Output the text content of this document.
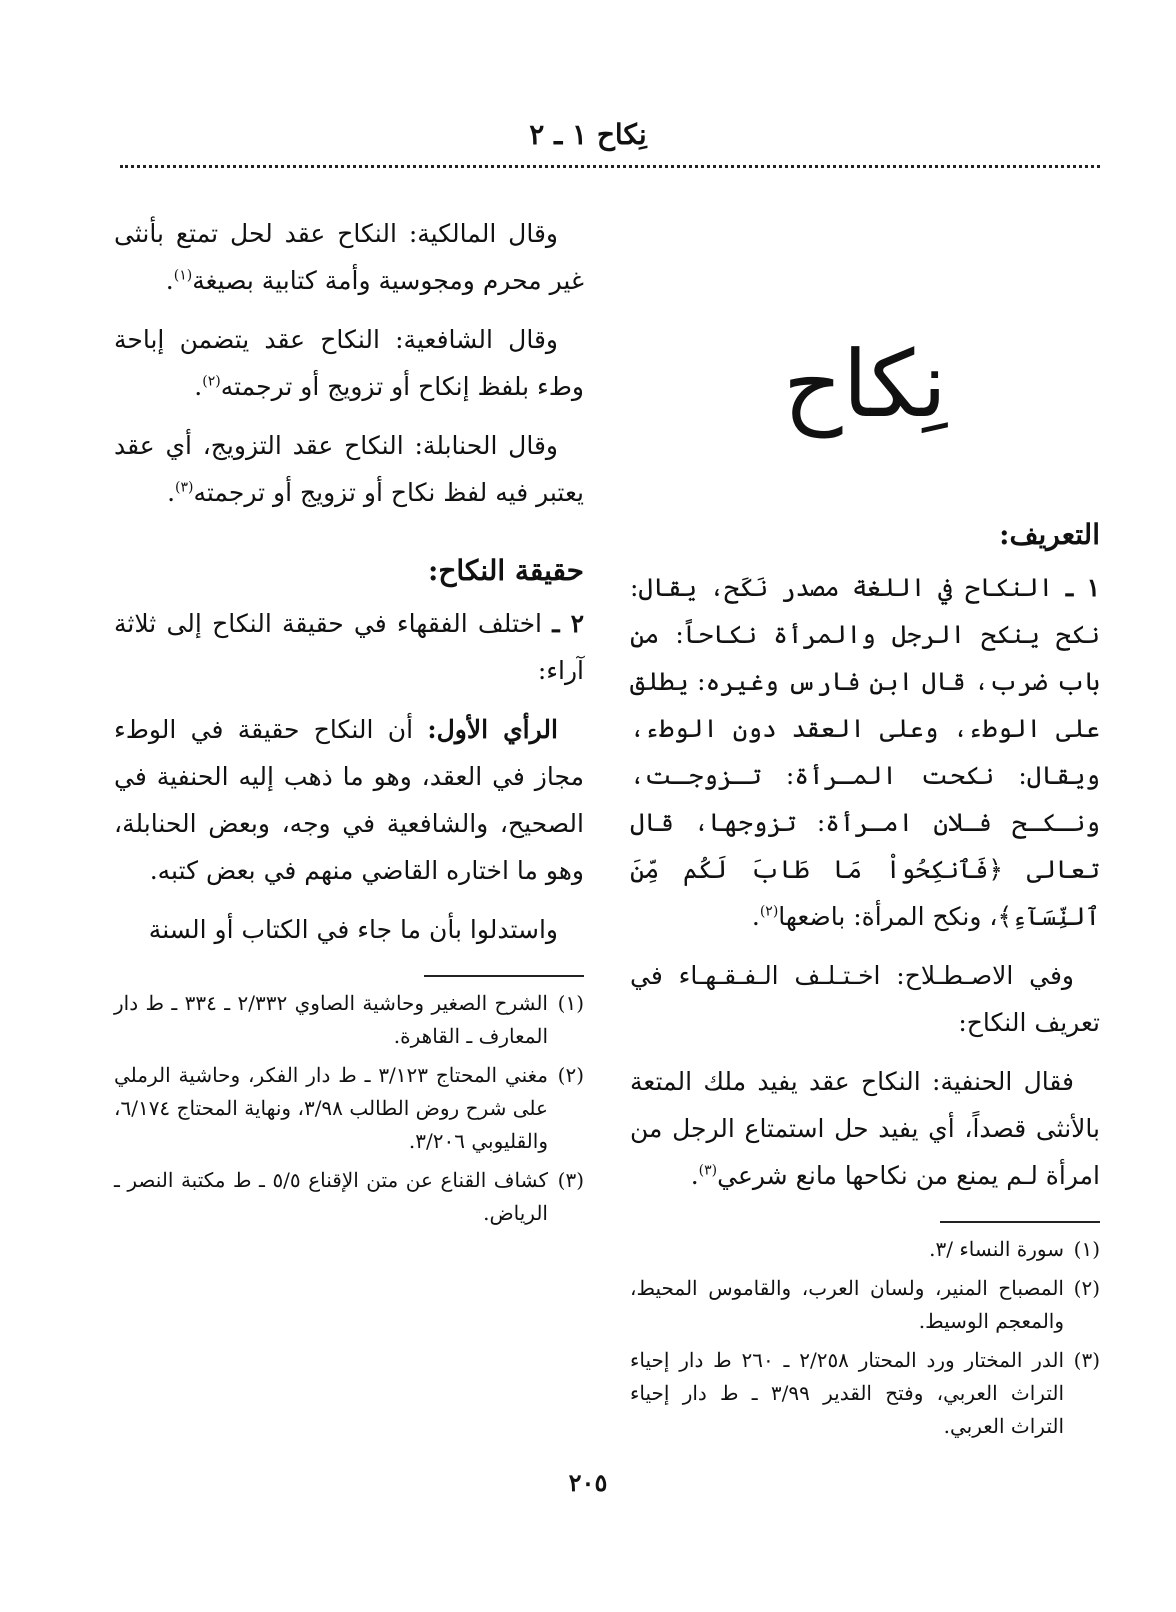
نِكاح ١ ـ ٢
نِكاح
التعريف:

١ ـ النكاح في اللغة مصدر نَكَح، يقال: نكح ينكح الرجل والمرأة نكاحاً: من باب ضرب، قال ابن فارس وغيره: يطلق على الوطء، وعلى العقد دون الوطء، ويقال: نكحت المـرأة: تـزوجـت، ونـكـح فـلان امـرأة: تزوجها، قال تعالى ﴿فَٱنكِحُواْ مَا طَابَ لَكُم مِّنَ ٱلنِّسَآءِ﴾، ونكح المرأة: باضعها$^{(٢)}$.

وفي الاصـطـلاح: اخـتـلـف الـفـقـهـاء في تعريف النكاح:

فقال الحنفية: النكاح عقد يفيد ملك المتعة بالأنثى قصداً، أي يفيد حل استمتاع الرجل من امرأة لـم يمنع من نكاحها مانع شرعي$^{(٣)}$.

(١)سورة النساء /٣.
(٢)المصباح المنير، ولسان العرب، والقاموس المحيط، والمعجم الوسيط.
(٣)الدر المختار ورد المحتار ٢/٢٥٨ ـ ٢٦٠ ط دار إحياء التراث العربي، وفتح القدير ٣/٩٩ ـ ط دار إحياء التراث العربي.

وقال المالكية: النكاح عقد لحل تمتع بأنثى غير محرم ومجوسية وأمة كتابية بصيغة$^{(١)}$.

وقال الشافعية: النكاح عقد يتضمن إباحة وطء بلفظ إنكاح أو تزويج أو ترجمته$^{(٢)}$.

وقال الحنابلة: النكاح عقد التزويج، أي عقد يعتبر فيه لفظ نكاح أو تزويج أو ترجمته$^{(٣)}$.

حقيقة النكاح:

٢ ـ اختلف الفقهاء في حقيقة النكاح إلى ثلاثة آراء:

الرأي الأول: أن النكاح حقيقة في الوطء مجاز في العقد، وهو ما ذهب إليه الحنفية في الصحيح، والشافعية في وجه، وبعض الحنابلة، وهو ما اختاره القاضي منهم في بعض كتبه.

واستدلوا بأن ما جاء في الكتاب أو السنة

(١)الشرح الصغير وحاشية الصاوي ٢/٣٣٢ ـ ٣٣٤ ـ ط دار المعارف ـ القاهرة.
(٢)مغني المحتاج ٣/١٢٣ ـ ط دار الفكر، وحاشية الرملي على شرح روض الطالب ٣/٩٨، ونهاية المحتاج ٦/١٧٤، والقليوبي ٣/٢٠٦.
(٣)كشاف القناع عن متن الإقناع ٥/٥ ـ ط مكتبة النصر ـ الرياض.
٢٠٥
